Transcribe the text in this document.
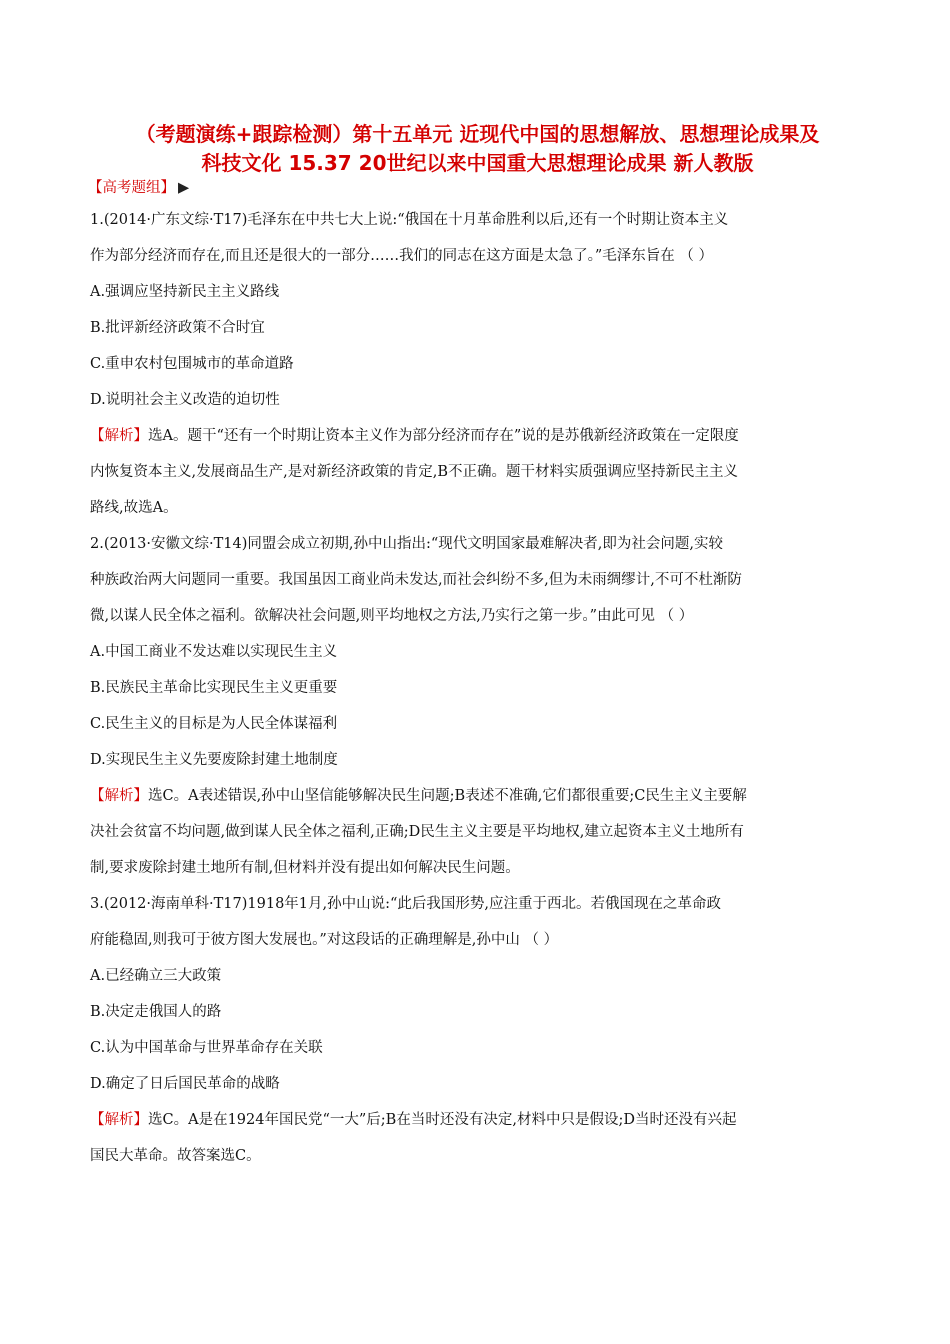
（考题演练+跟踪检测）第十五单元 近现代中国的思想解放、思想理论成果及
科技文化 15.37 20世纪以来中国重大思想理论成果 新人教版
【高考题组】 ▶
1.(2014·广东文综·T17)毛泽东在中共七大上说:“俄国在十月革命胜利以后,还有一个时期让资本主义
作为部分经济而存在,而且还是很大的一部分……我们的同志在这方面是太急了。”毛泽东旨在 （ ）
A.强调应坚持新民主主义路线
B.批评新经济政策不合时宜
C.重申农村包围城市的革命道路
D.说明社会主义改造的迫切性
【解析】选A。题干“还有一个时期让资本主义作为部分经济而存在”说的是苏俄新经济政策在一定限度
内恢复资本主义,发展商品生产,是对新经济政策的肯定,B不正确。题干材料实质强调应坚持新民主主义
路线,故选A。
2.(2013·安徽文综·T14)同盟会成立初期,孙中山指出:“现代文明国家最难解决者,即为社会问题,实较
种族政治两大问题同一重要。我国虽因工商业尚未发达,而社会纠纷不多,但为未雨绸缪计,不可不杜渐防
微,以谋人民全体之福利。欲解决社会问题,则平均地权之方法,乃实行之第一步。”由此可见 （ ）
A.中国工商业不发达难以实现民生主义
B.民族民主革命比实现民生主义更重要
C.民生主义的目标是为人民全体谋福利
D.实现民生主义先要废除封建土地制度
【解析】选C。A表述错误,孙中山坚信能够解决民生问题;B表述不准确,它们都很重要;C民生主义主要解
决社会贫富不均问题,做到谋人民全体之福利,正确;D民生主义主要是平均地权,建立起资本主义土地所有
制,要求废除封建土地所有制,但材料并没有提出如何解决民生问题。
3.(2012·海南单科·T17)1918年1月,孙中山说:“此后我国形势,应注重于西北。若俄国现在之革命政
府能稳固,则我可于彼方图大发展也。”对这段话的正确理解是,孙中山 （ ）
A.已经确立三大政策
B.决定走俄国人的路
C.认为中国革命与世界革命存在关联
D.确定了日后国民革命的战略
【解析】选C。A是在1924年国民党“一大”后;B在当时还没有决定,材料中只是假设;D当时还没有兴起
国民大革命。故答案选C。
